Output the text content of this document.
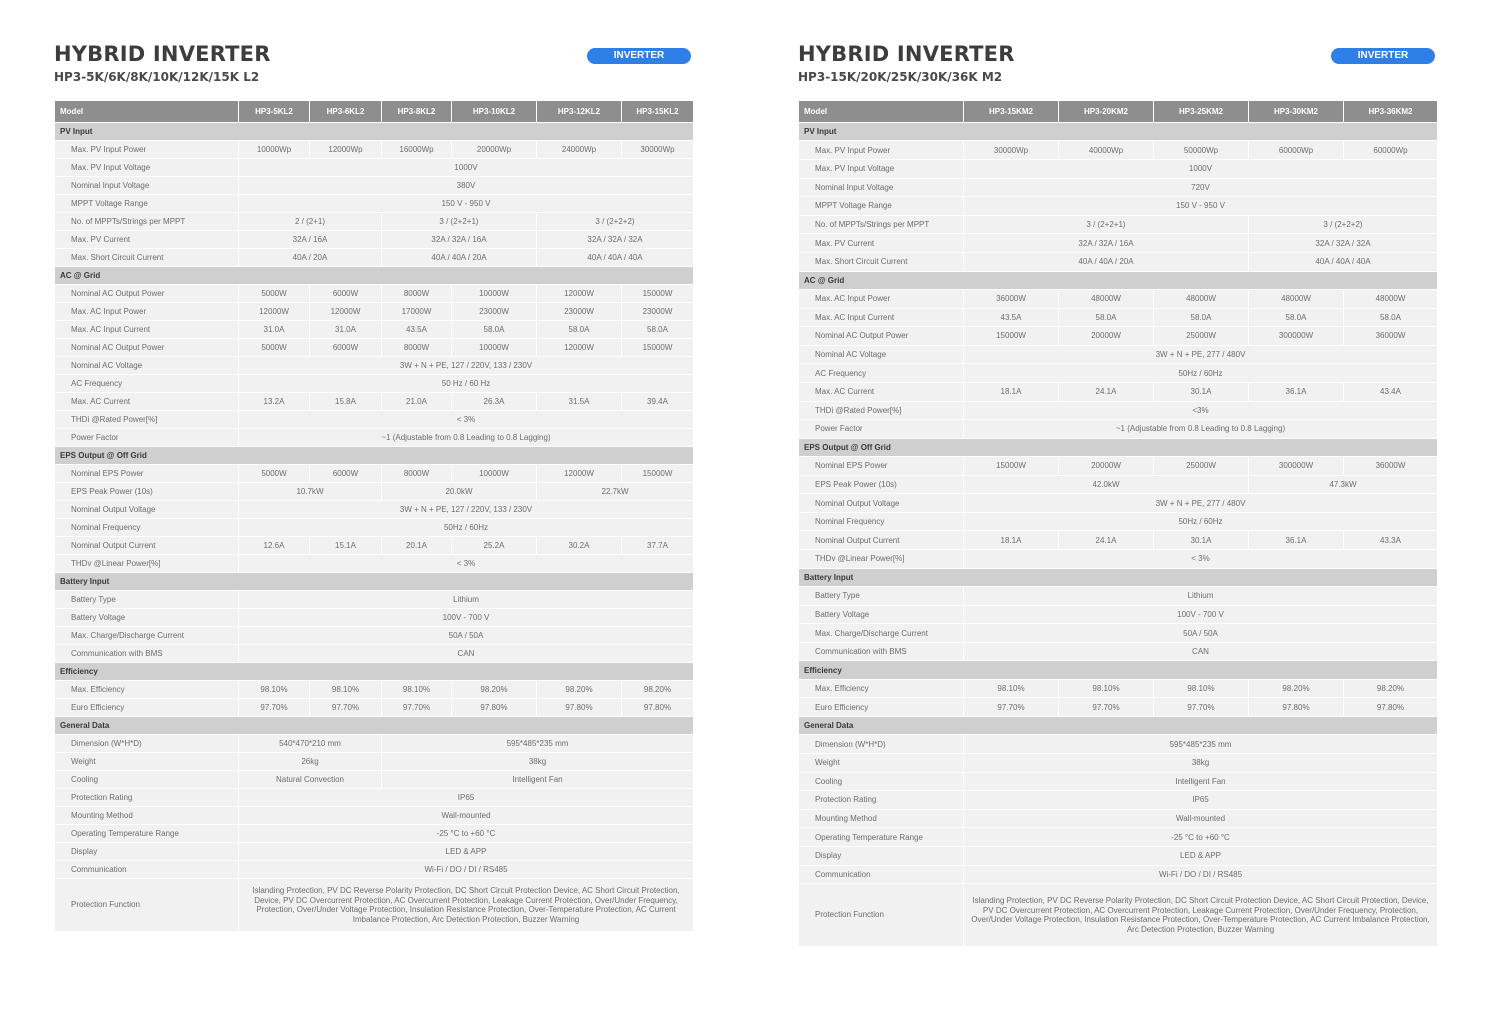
HYBRID INVERTER
HP3-5K/6K/8K/10K/12K/15K L2
INVERTER
Model	HP3-5KL2	HP3-6KL2	HP3-8KL2	HP3-10KL2	HP3-12KL2	HP3-15KL2
PV Input						
Max. PV Input Power	10000Wp	12000Wp	16000Wp	20000Wp	24000Wp	30000Wp
Max. PV Input Voltage	1000V					
Nominal Input Voltage	380V					
MPPT Voltage Range	150 V - 950 V					
No. of MPPTs/Strings per MPPT	2 / (2+1)		3 / (2+2+1)		3 / (2+2+2)	
Max. PV Current	32A / 16A		32A / 32A / 16A		32A / 32A / 32A	
Max. Short Circuit Current	40A / 20A		40A / 40A / 20A		40A / 40A / 40A	
AC @ Grid						
Nominal AC Output Power	5000W	6000W	8000W	10000W	12000W	15000W
Max. AC Input Power	12000W	12000W	17000W	23000W	23000W	23000W
Max. AC Input Current	31.0A	31.0A	43.5A	58.0A	58.0A	58.0A
Nominal AC Output Power	5000W	6000W	8000W	10000W	12000W	15000W
Nominal AC Voltage	3W + N + PE, 127 / 220V, 133 / 230V					
AC Frequency	50 Hz / 60 Hz					
Max. AC Current	13.2A	15.8A	21.0A	26.3A	31.5A	39.4A
THDi @Rated Power[%]	< 3%					
Power Factor	~1 (Adjustable from 0.8 Leading to 0.8 Lagging)					
EPS Output @ Off Grid						
Nominal EPS Power	5000W	6000W	8000W	10000W	12000W	15000W
EPS Peak Power (10s)	10.7kW		20.0kW		22.7kW	
Nominal Output Voltage	3W + N + PE, 127 / 220V, 133 / 230V					
Nominal Frequency	50Hz / 60Hz					
Nominal Output Current	12.6A	15.1A	20.1A	25.2A	30.2A	37.7A
THDv @Linear Power[%]	< 3%					
Battery Input						
Battery Type	Lithium					
Battery Voltage	100V - 700 V					
Max. Charge/Discharge Current	50A / 50A					
Communication with BMS	CAN					
Efficiency						
Max. Efficiency	98.10%	98.10%	98.10%	98.20%	98.20%	98.20%
Euro Efficiency	97.70%	97.70%	97.70%	97.80%	97.80%	97.80%
General Data						
Dimension (W*H*D)	540*470*210 mm		595*485*235 mm			
Weight	26kg		38kg			
Cooling	Natural Convection		Intelligent Fan			
Protection Rating	IP65					
Mounting Method	Wall-mounted					
Operating Temperature Range	-25 °C to +60 °C					
Display	LED & APP					
Communication	Wi-Fi / DO / DI / RS485					
Protection Function	Islanding Protection, PV DC Reverse Polarity Protection, DC Short Circuit Protection Device, AC Short Circuit Protection, Device, PV DC Overcurrent Protection, AC Overcurrent Protection, Leakage Current Protection, Over/Under Frequency, Protection, Over/Under Voltage Protection, Insulation Resistance Protection, Over-Temperature Protection, AC Current Imbalance Protection, Arc Detection Protection, Buzzer Warning					
HYBRID INVERTER
HP3-15K/20K/25K/30K/36K M2
INVERTER
Model	HP3-15KM2	HP3-20KM2	HP3-25KM2	HP3-30KM2	HP3-36KM2
PV Input					
Max. PV Input Power	30000Wp	40000Wp	50000Wp	60000Wp	60000Wp
Max. PV Input Voltage	1000V				
Nominal Input Voltage	720V				
MPPT Voltage Range	150 V - 950 V				
No. of MPPTs/Strings per MPPT	3 / (2+2+1)			3 / (2+2+2)	
Max. PV Current	32A / 32A / 16A			32A / 32A / 32A	
Max. Short Circuit Current	40A / 40A / 20A			40A / 40A / 40A	
AC @ Grid					
Max. AC Input Power	36000W	48000W	48000W	48000W	48000W
Max. AC Input Current	43.5A	58.0A	58.0A	58.0A	58.0A
Nominal AC Output Power	15000W	20000W	25000W	300000W	36000W
Nominal AC Voltage	3W + N + PE, 277 / 480V				
AC Frequency	50Hz / 60Hz				
Max. AC Current	18.1A	24.1A	30.1A	36.1A	43.4A
THDi @Rated Power[%]	<3%				
Power Factor	~1 (Adjustable from 0.8 Leading to 0.8 Lagging)				
EPS Output @ Off Grid					
Nominal EPS Power	15000W	20000W	25000W	300000W	36000W
EPS Peak Power (10s)	42.0kW			47.3kW	
Nominal Output Voltage	3W + N + PE, 277 / 480V				
Nominal Frequency	50Hz / 60Hz				
Nominal Output Current	18.1A	24.1A	30.1A	36.1A	43.3A
THDv @Linear Power[%]	< 3%				
Battery Input					
Battery Type	Lithium				
Battery Voltage	100V - 700 V				
Max. Charge/Discharge Current	50A / 50A				
Communication with BMS	CAN				
Efficiency					
Max. Efficiency	98.10%	98.10%	98.10%	98.20%	98.20%
Euro Efficiency	97.70%	97.70%	97.70%	97.80%	97.80%
General Data					
Dimension (W*H*D)	595*485*235 mm				
Weight	38kg				
Cooling	Intelligent Fan				
Protection Rating	IP65				
Mounting Method	Wall-mounted				
Operating Temperature Range	-25 °C to +60 °C				
Display	LED & APP				
Communication	Wi-Fi / DO / DI / RS485				
Protection Function	Islanding Protection, PV DC Reverse Polarity Protection, DC Short Circuit Protection Device, AC Short Circuit Protection, Device, PV DC Overcurrent Protection, AC Overcurrent Protection, Leakage Current Protection, Over/Under Frequency, Protection, Over/Under Voltage Protection, Insulation Resistance Protection, Over-Temperature Protection, AC Current Imbalance Protection, Arc Detection Protection, Buzzer Warning				
